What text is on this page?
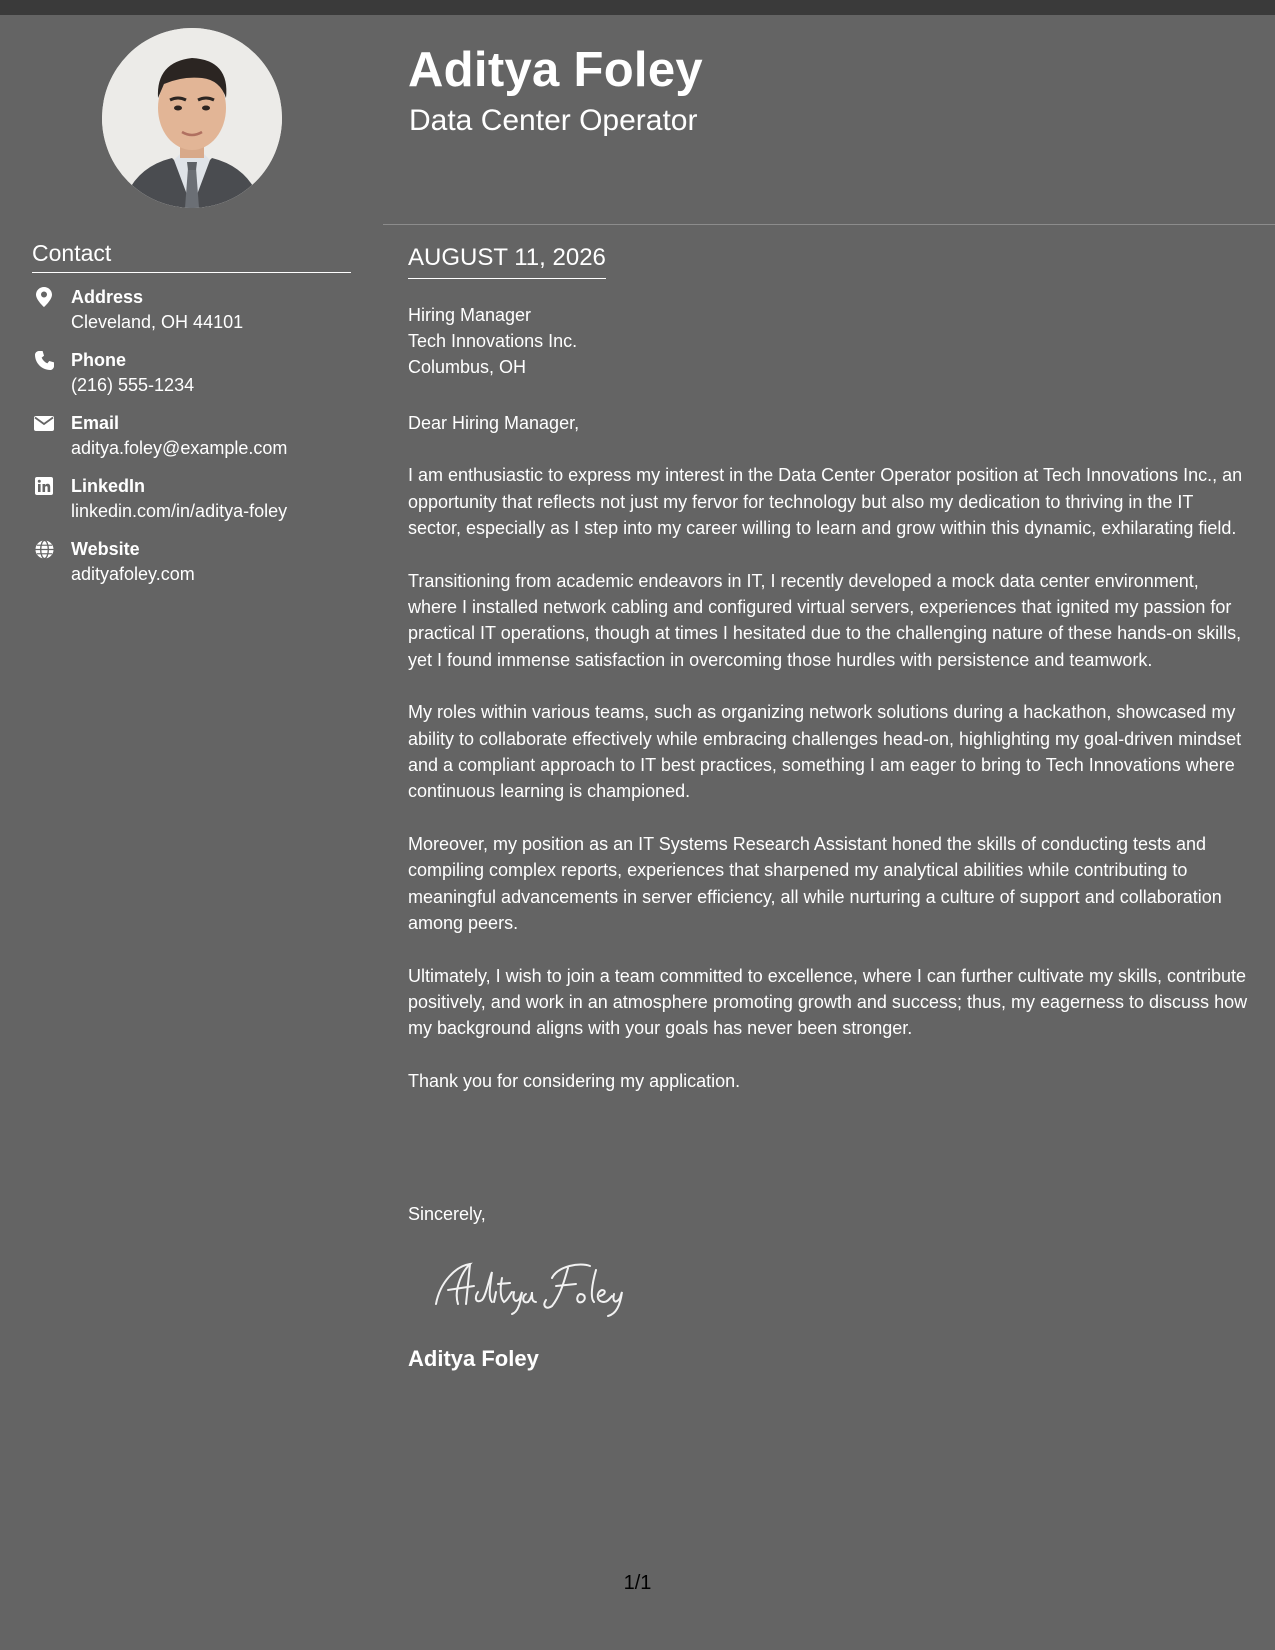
Contact
Address
Cleveland, OH 44101
Phone
(216) 555-1234
Email
aditya.foley@example.com
LinkedIn
linkedin.com/in/aditya-foley
Website
adityafoley.com
Aditya Foley
Data Center Operator
AUGUST 11, 2026
Hiring Manager
Tech Innovations Inc.
Columbus, OH
Dear Hiring Manager,

I am enthusiastic to express my interest in the Data Center Operator position at Tech Innovations Inc., an opportunity that reflects not just my fervor for technology but also my dedication to thriving in the IT sector, especially as I step into my career willing to learn and grow within this dynamic, exhilarating field.

Transitioning from academic endeavors in IT, I recently developed a mock data center environment, where I installed network cabling and configured virtual servers, experiences that ignited my passion for practical IT operations, though at times I hesitated due to the challenging nature of these hands-on skills, yet I found immense satisfaction in overcoming those hurdles with persistence and teamwork.

My roles within various teams, such as organizing network solutions during a hackathon, showcased my ability to collaborate effectively while embracing challenges head-on, highlighting my goal-driven mindset and a compliant approach to IT best practices, something I am eager to bring to Tech Innovations where continuous learning is championed.

Moreover, my position as an IT Systems Research Assistant honed the skills of conducting tests and compiling complex reports, experiences that sharpened my analytical abilities while contributing to meaningful advancements in server efficiency, all while nurturing a culture of support and collaboration among peers.

Ultimately, I wish to join a team committed to excellence, where I can further cultivate my skills, contribute positively, and work in an atmosphere promoting growth and success; thus, my eagerness to discuss how my background aligns with your goals has never been stronger.

Thank you for considering my application.

Sincerely,
Aditya Foley
1/1
